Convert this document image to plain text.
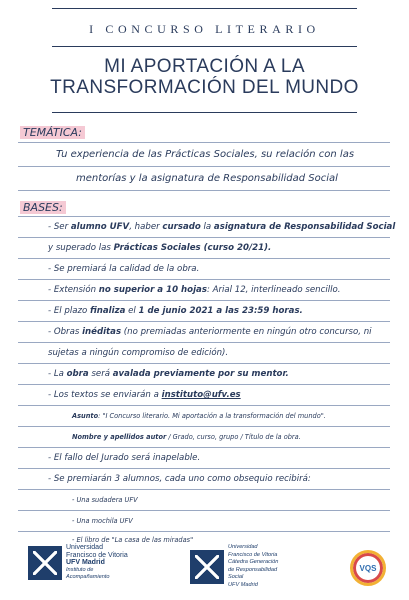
I CONCURSO LITERARIO
MI APORTACIÓN A LA
TRANSFORMACIÓN DEL MUNDO
TEMÁTICA:
Tu experiencia de las Prácticas Sociales, su relación con las
mentorías y la asignatura de Responsabilidad Social
BASES:
- Ser alumno UFV, haber cursado la asignatura de Responsabilidad Social
y superado las Prácticas Sociales (curso 20/21).
- Se premiará la calidad de la obra.
- Extensión no superior a 10 hojas: Arial 12, interlineado sencillo.
- El plazo finaliza el 1 de junio 2021 a las 23:59 horas.
- Obras inéditas (no premiadas anteriormente en ningún otro concurso, ni
sujetas a ningún compromiso de edición).
- La obra será avalada previamente por su mentor.
- Los textos se enviarán a instituto@ufv.es
Asunto: "I Concurso literario. Mi aportación a la transformación del mundo".
Nombre y apellidos autor / Grado, curso, grupo / Título de la obra.
- El fallo del Jurado será inapelable.
- Se premiarán 3 alumnos, cada uno como obsequio recibirá:
- Una sudadera UFV
- Una mochila UFV
- El libro de "La casa de las miradas"
Universidad
Francisco de Vitoria
UFV Madrid
Instituto de
Acompañamiento
Universidad
Francisco de Vitoria
Cátedra Generación
de Responsabilidad
Social
UFV Madrid
VQS
